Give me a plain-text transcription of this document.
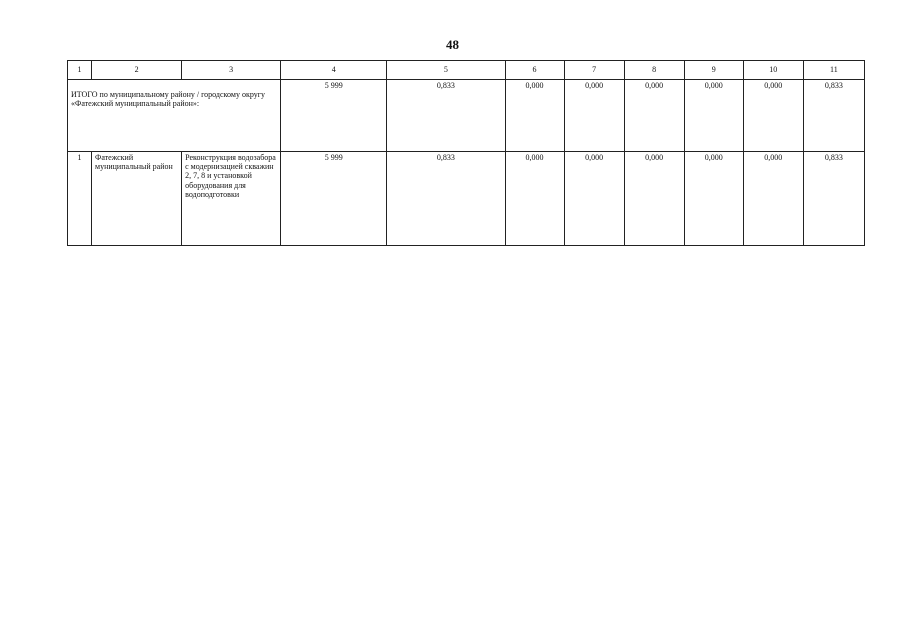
48
1	2	3	4	5	6	7	8	9	10	11
ИТОГО по муниципальному району / городскому округу «Фатежский муниципальный район»:			5 999	0,833	0,000	0,000	0,000	0,000	0,000	0,833
1	Фатежский муниципальный район	Реконструкция водозабора с модернизацией скважин 2, 7, 8 и установкой оборудования для водоподготовки	5 999	0,833	0,000	0,000	0,000	0,000	0,000	0,833
